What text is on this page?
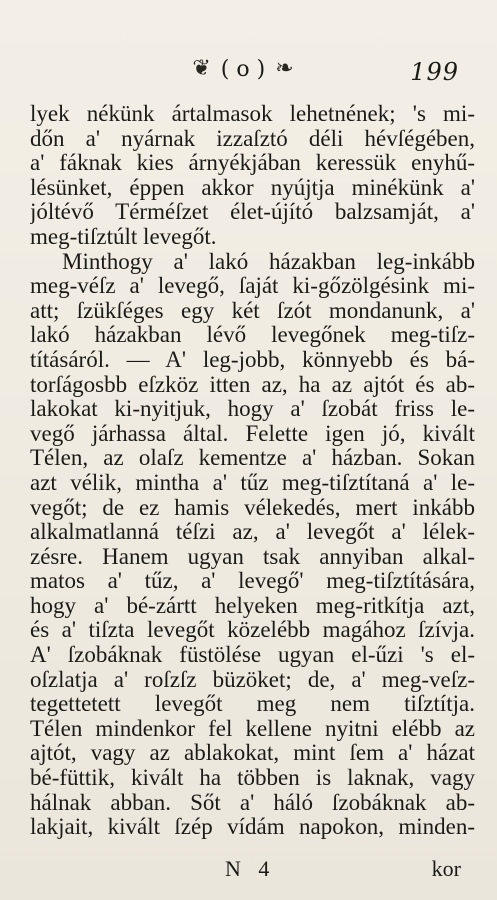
❦ ( o ) ❧	199
lyek nékünk ártalmasok lehetnének; 's mi-
dőn a' nyárnak izzaſztó déli hévſégében,
a' fáknak kies árnyékjában keressük enyhű-
lésünket, éppen akkor nyújtja minékünk a'
jóltévő Térméſzet élet-újító balzsamját, a'
meg-tiſztúlt levegőt.
Minthogy a' lakó házakban leg-inkább
meg-véſz a' levegő, ſaját ki-gőzölgésink mi-
att; ſzükſéges egy két ſzót mondanunk, a'
lakó házakban lévő levegőnek meg-tiſz-
tításáról. — A' leg-jobb, könnyebb és bá-
torſágosbb eſzköz itten az, ha az ajtót és ab-
lakokat ki-nyitjuk, hogy a' ſzobát friss le-
vegő járhassa által. Felette igen jó, kivált
Télen, az olaſz kementze a' házban. Sokan
azt vélik, mintha a' tűz meg-tiſztítaná a' le-
vegőt; de ez hamis vélekedés, mert inkább
alkalmatlanná téſzi az, a' levegőt a' lélek-
zésre. Hanem ugyan tsak annyiban alkal-
matos a' tűz, a' levegő' meg-tiſztítására,
hogy a' bé-zártt helyeken meg-ritkítja azt,
és a' tiſzta levegőt közelébb magához ſzívja.
A' ſzobáknak füstölése ugyan el-űzi 's el-
oſzlatja a' roſzſz büzöket; de, a' meg-veſz-
tegettetett levegőt meg nem tiſztítja.
Télen mindenkor fel kellene nyitni elébb az
ajtót, vagy az ablakokat, mint ſem a' házat
bé-füttik, kivált ha többen is laknak, vagy
hálnak abban. Sőt a' háló ſzobáknak ab-
lakjait, kivált ſzép vídám napokon, minden-
N 4	kor
